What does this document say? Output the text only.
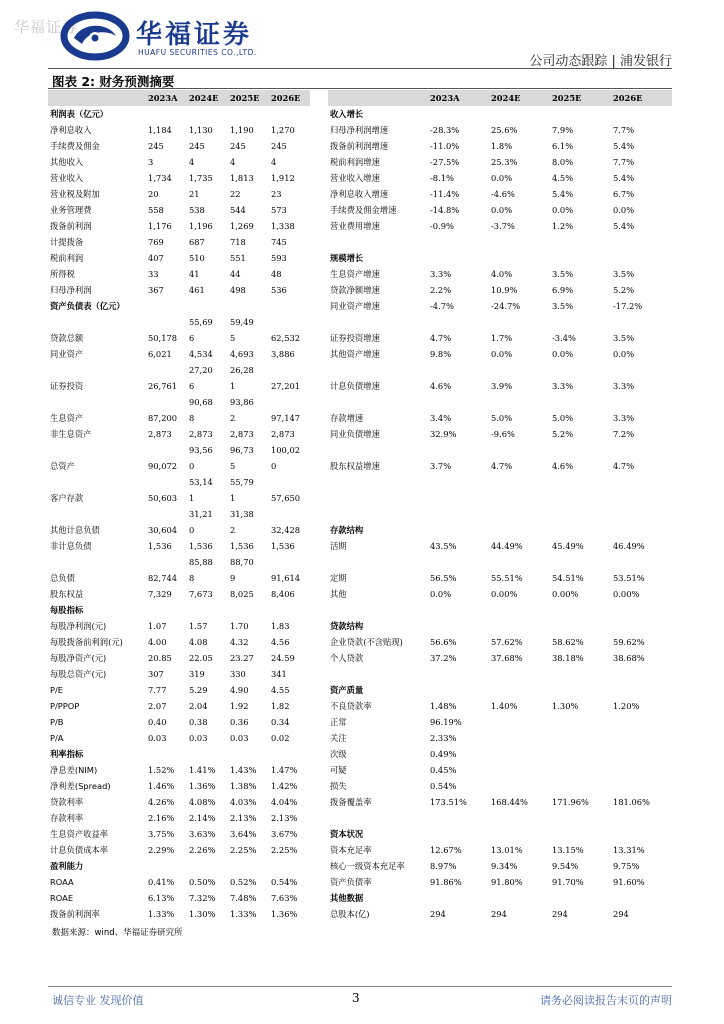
华福证券 华福证券
HUAFU SECURITIES CO.,LTD.
公司动态跟踪 | 浦发银行
图表 2: 财务预测摘要
	2023A	2024E	2025E	2026E
利润表（亿元）				
净利息收入	1,184	1,130	1,190	1,270
手续费及佣金	245	245	245	245
其他收入	3	4	4	4
营业收入	1,734	1,735	1,813	1,912
营业税及附加	20	21	22	23
业务管理费	558	538	544	573
拨备前利润	1,176	1,196	1,269	1,338
计提拨备	769	687	718	745
税前利润	407	510	551	593
所得税	33	41	44	48
归母净利润	367	461	498	536
资产负债表（亿元）				
		55,69	59,49	
贷款总额	50,178	6	5	62,532
同业资产	6,021	4,534	4,693	3,886
		27,20	26,28	
证券投资	26,761	6	1	27,201
		90,68	93,86	
生息资产	87,200	8	2	97,147
非生息资产	2,873	2,873	2,873	2,873
		93,56	96,73	100,02
总资产	90,072	0	5	0
		53,14	55,79	
客户存款	50,603	1	1	57,650
		31,21	31,38	
其他计息负债	30,604	0	2	32,428
非计息负债	1,536	1,536	1,536	1,536
		85,88	88,70	
总负债	82,744	8	9	91,614
股东权益	7,329	7,673	8,025	8,406
每股指标				
每股净利润(元)	1.07	1.57	1.70	1.83
每股拨备前利润(元)	4.00	4.08	4.32	4.56
每股净资产(元)	20.85	22.05	23.27	24.59
每股总资产(元)	307	319	330	341
P/E	7.77	5.29	4.90	4.55
P/PPOP	2.07	2.04	1.92	1.82
P/B	0.40	0.38	0.36	0.34
P/A	0.03	0.03	0.03	0.02
利率指标				
净息差(NIM)	1.52%	1.41%	1.43%	1.47%
净利差(Spread)	1.46%	1.36%	1.38%	1.42%
贷款利率	4.26%	4.08%	4.03%	4.04%
存款利率	2.16%	2.14%	2.13%	2.13%
生息资产收益率	3.75%	3.63%	3.64%	3.67%
计息负债成本率	2.29%	2.26%	2.25%	2.25%
盈利能力				
ROAA	0.41%	0.50%	0.52%	0.54%
ROAE	6.13%	7.32%	7.48%	7.63%
拨备前利润率	1.33%	1.30%	1.33%	1.36%
	2023A	2024E	2025E	2026E
收入增长				
归母净利润增速	-28.3%	25.6%	7.9%	7.7%
拨备前利润增速	-11.0%	1.8%	6.1%	5.4%
税前利润增速	-27.5%	25.3%	8.0%	7.7%
营业收入增速	-8.1%	0.0%	4.5%	5.4%
净利息收入增速	-11.4%	-4.6%	5.4%	6.7%
手续费及佣金增速	-14.8%	0.0%	0.0%	0.0%
营业费用增速	-0.9%	-3.7%	1.2%	5.4%

规模增长				
生息资产增速	3.3%	4.0%	3.5%	3.5%
贷款净额增速	2.2%	10.9%	6.9%	5.2%
同业资产增速	-4.7%	-24.7%	3.5%	-17.2%

证券投资增速	4.7%	1.7%	-3.4%	3.5%
其他资产增速	9.8%	0.0%	0.0%	0.0%

计息负债增速	4.6%	3.9%	3.3%	3.3%

存款增速	3.4%	5.0%	5.0%	3.3%
同业负债增速	32.9%	-9.6%	5.2%	7.2%

股东权益增速	3.7%	4.7%	4.6%	4.7%

存款结构				
活期	43.5%	44.49%	45.49%	46.49%

定期	56.5%	55.51%	54.51%	53.51%
其他	0.0%	0.00%	0.00%	0.00%

贷款结构				
企业贷款(不含贴现)	56.6%	57.62%	58.62%	59.62%
个人贷款	37.2%	37.68%	38.18%	38.68%

资产质量				
不良贷款率	1.48%	1.40%	1.30%	1.20%
正常	96.19%			
关注	2.33%			
次级	0.49%			
可疑	0.45%			
损失	0.54%			
拨备覆盖率	173.51%	168.44%	171.96%	181.06%

资本状况				
资本充足率	12.67%	13.01%	13.15%	13.31%
核心一级资本充足率	8.97%	9.34%	9.54%	9.75%
资产负债率	91.86%	91.80%	91.70%	91.60%
其他数据				
总股本(亿)	294	294	294	294
数据来源：wind、华福证券研究所
诚信专业 发现价值	3	请务必阅读报告末页的声明
